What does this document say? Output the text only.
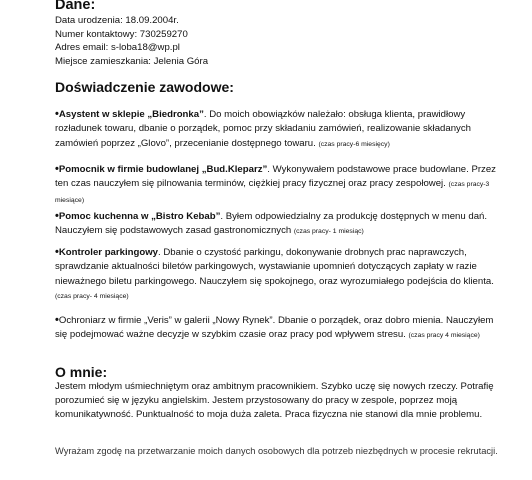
Dane:

Data urodzenia: 18.09.2004r.

Numer kontaktowy: 730259270

Adres email: s-loba18@wp.pl

Miejsce zamieszkania: Jelenia Góra

Doświadczenie zawodowe:

•Asystent w sklepie „Biedronka”. Do moich obowiązków należało: obsługa klienta, prawidłowy rozładunek towaru, dbanie o porządek, pomoc przy składaniu zamówień, realizowanie składanych zamówień poprzez „Glovo”, przecenianie dostępnego towaru. (czas pracy-6 miesięcy)

•Pomocnik w firmie budowlanej „Bud.Kleparz”. Wykonywałem podstawowe prace budowlane. Przez ten czas nauczyłem się pilnowania terminów, ciężkiej pracy fizycznej oraz pracy zespołowej. (czas pracy-3 miesiące)

•Pomoc kuchenna w „Bistro Kebab”. Byłem odpowiedzialny za produkcję dostępnych w menu dań. Nauczyłem się podstawowych zasad gastronomicznych (czas pracy- 1 miesiąc)

•Kontroler parkingowy. Dbanie o czystość parkingu, dokonywanie drobnych prac naprawczych, sprawdzanie aktualności biletów parkingowych, wystawianie upomnień dotyczących zapłaty w razie nieważnego biletu parkingowego. Nauczyłem się spokojnego, oraz wyrozumiałego podejścia do klienta. (czas pracy- 4 miesiące)

•Ochroniarz w firmie „Veris” w galerii „Nowy Rynek”. Dbanie o porządek, oraz dobro mienia. Nauczyłem się podejmować ważne decyzje w szybkim czasie oraz pracy pod wpływem stresu. (czas pracy 4 miesiące)

O mnie:

Jestem młodym uśmiechniętym oraz ambitnym pracownikiem. Szybko uczę się nowych rzeczy. Potrafię porozumieć się w języku angielskim. Jestem przystosowany do pracy w zespole, poprzez moją komunikatywność. Punktualność to moja duża zaleta. Praca fizyczna nie stanowi dla mnie problemu.

Wyrażam zgodę na przetwarzanie moich danych osobowych dla potrzeb niezbędnych w procesie rekrutacji.
